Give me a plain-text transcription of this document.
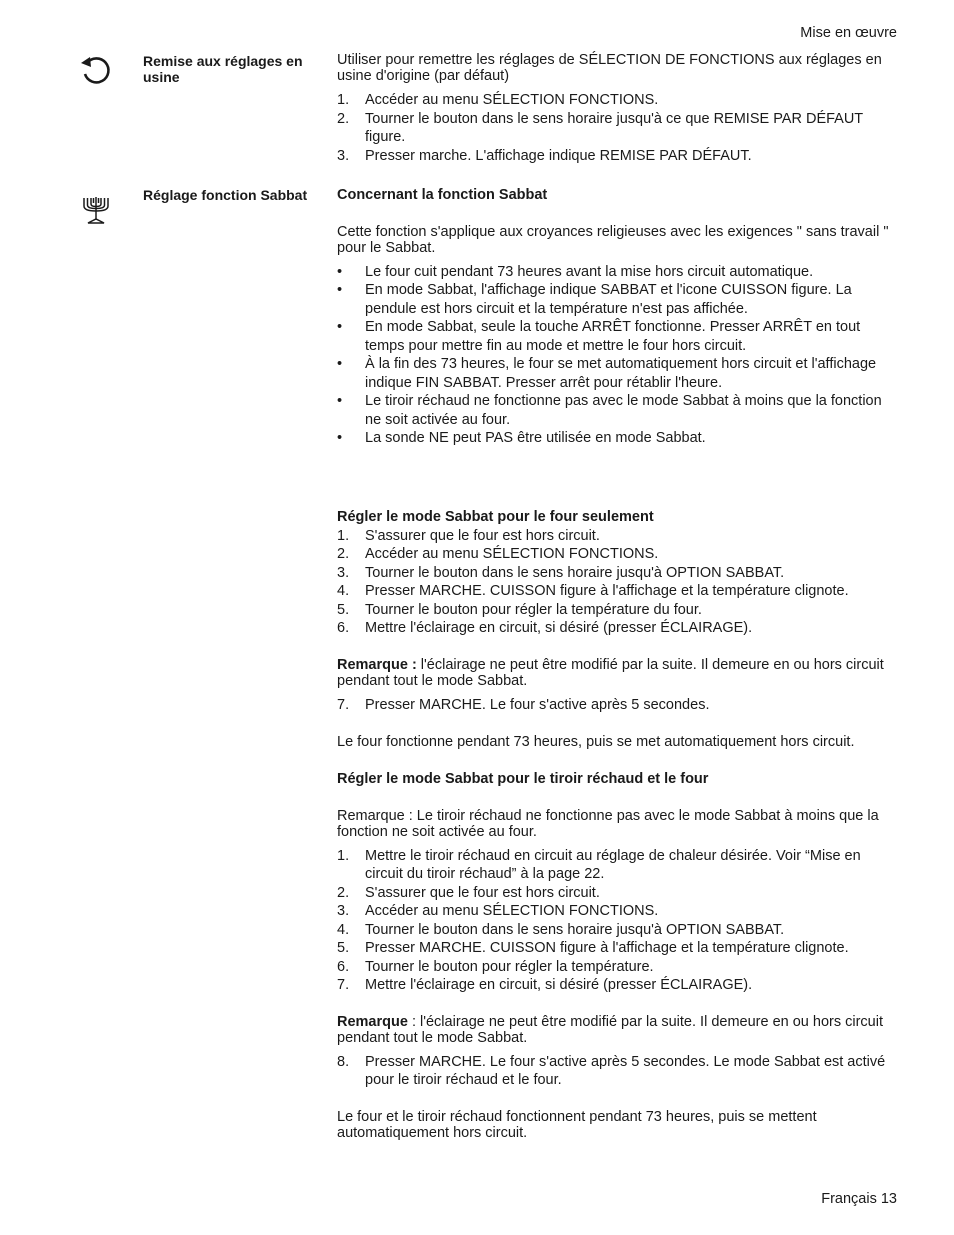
Mise en œuvre
Remise aux réglages en usine

Utiliser pour remettre les réglages de SÉLECTION DE FONCTIONS aux réglages en usine d'origine (par défaut)

1. Accéder au menu SÉLECTION FONCTIONS.
2. Tourner le bouton dans le sens horaire jusqu'à ce que REMISE PAR DÉFAUT figure.
3. Presser marche. L'affichage indique REMISE PAR DÉFAUT.
Réglage fonction Sabbat	Concernant la fonction Sabbat

Cette fonction s'applique aux croyances religieuses avec les exigences " sans travail " pour le Sabbat.

• Le four cuit pendant 73 heures avant la mise hors circuit automatique.
• En mode Sabbat, l'affichage indique SABBAT et l'icone CUISSON figure. La pendule est hors circuit et la température n'est pas affichée.
• En mode Sabbat, seule la touche ARRÊT fonctionne. Presser ARRÊT en tout temps pour mettre fin au mode et mettre le four hors circuit.
• À la fin des 73 heures, le four se met automatiquement hors circuit et l'affichage indique FIN SABBAT. Presser arrêt pour rétablir l'heure.
• Le tiroir réchaud ne fonctionne pas avec le mode Sabbat à moins que la fonction ne soit activée au four.
• La sonde NE peut PAS être utilisée en mode Sabbat.

Régler le mode Sabbat pour le four seulement

1. S'assurer que le four est hors circuit.
2. Accéder au menu SÉLECTION FONCTIONS.
3. Tourner le bouton dans le sens horaire jusqu'à OPTION SABBAT.
4. Presser MARCHE. CUISSON figure à l'affichage et la température clignote.
5. Tourner le bouton pour régler la température du four.
6. Mettre l'éclairage en circuit, si désiré (presser ÉCLAIRAGE).

Remarque : l'éclairage ne peut être modifié par la suite. Il demeure en ou hors circuit pendant tout le mode Sabbat.

7. Presser MARCHE. Le four s'active après 5 secondes.

Le four fonctionne pendant 73 heures, puis se met automatiquement hors circuit.

Régler le mode Sabbat pour le tiroir réchaud et le four

Remarque : Le tiroir réchaud ne fonctionne pas avec le mode Sabbat à moins que la fonction ne soit activée au four.

1. Mettre le tiroir réchaud en circuit au réglage de chaleur désirée. Voir “Mise en circuit du tiroir réchaud” à la page 22.
2. S'assurer que le four est hors circuit.
3. Accéder au menu SÉLECTION FONCTIONS.
4. Tourner le bouton dans le sens horaire jusqu'à OPTION SABBAT.
5. Presser MARCHE. CUISSON figure à l'affichage et la température clignote.
6. Tourner le bouton pour régler la température.
7. Mettre l'éclairage en circuit, si désiré (presser ÉCLAIRAGE).

Remarque : l'éclairage ne peut être modifié par la suite. Il demeure en ou hors circuit pendant tout le mode Sabbat.

8. Presser MARCHE. Le four s'active après 5 secondes. Le mode Sabbat est activé pour le tiroir réchaud et le four.

Le four et le tiroir réchaud fonctionnent pendant 73 heures, puis se mettent automatiquement hors circuit.

Français 13
